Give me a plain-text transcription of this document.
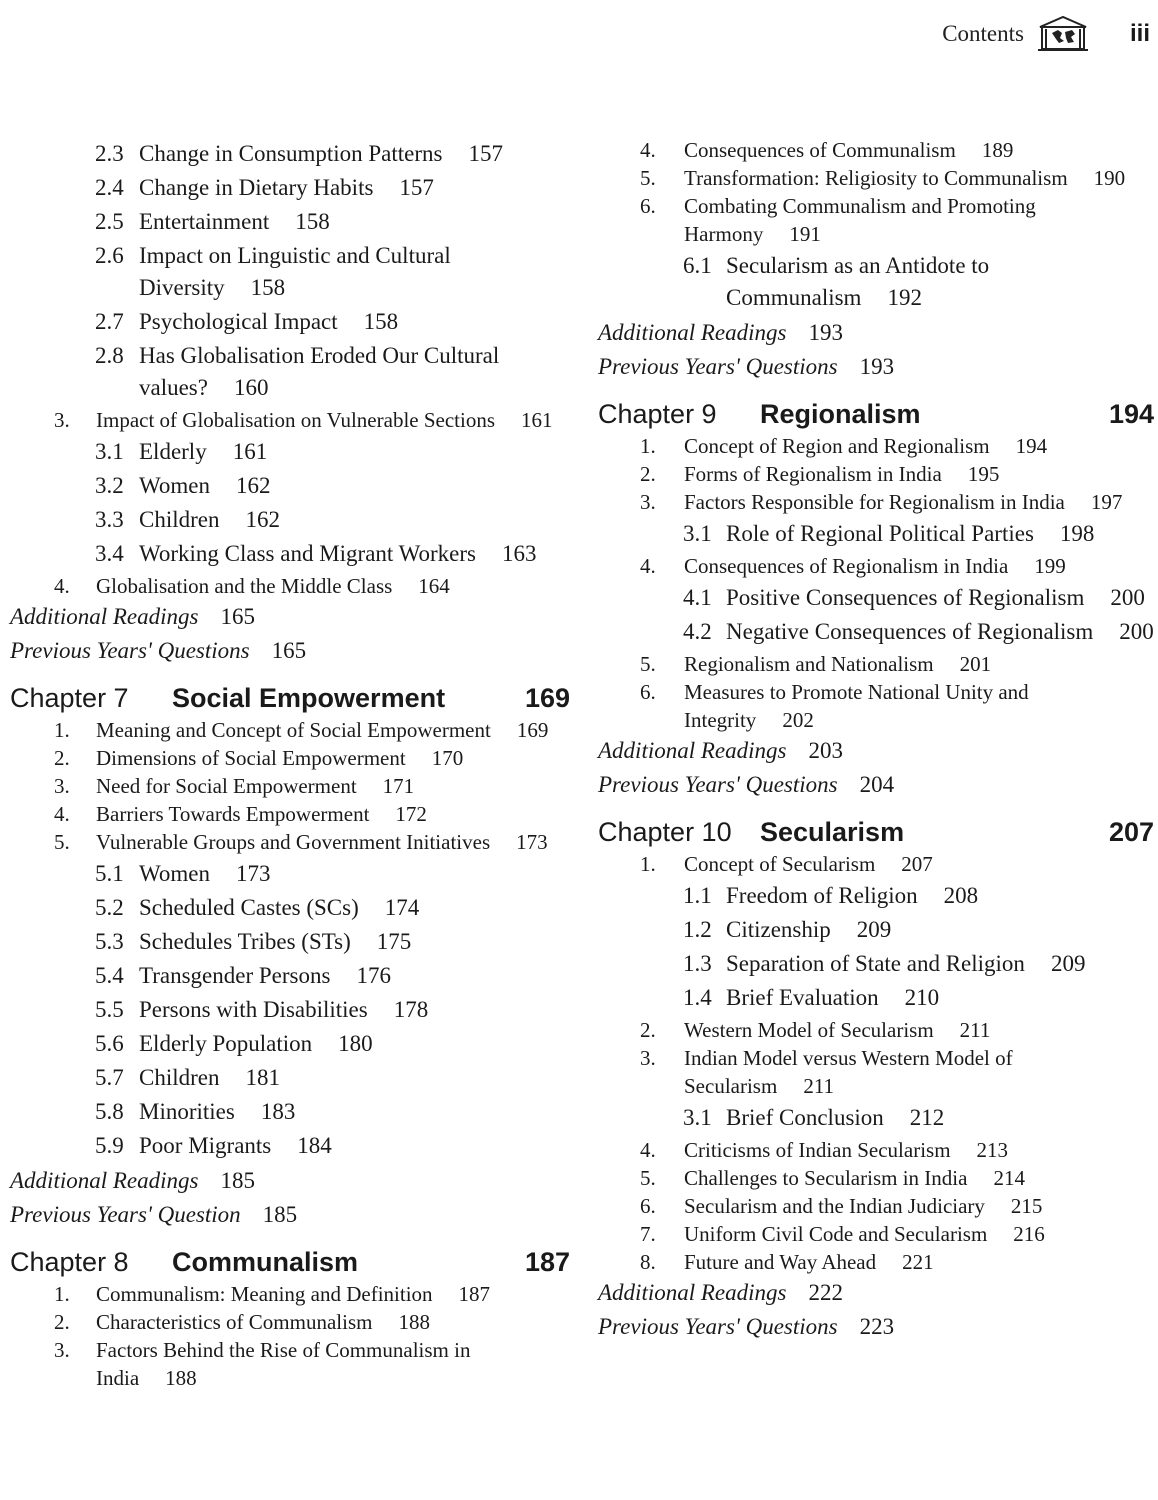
Contents	iii
2.3 Change in Consumption Patterns 157
2.4 Change in Dietary Habits 157
2.5 Entertainment 158
2.6 Impact on Linguistic and Cultural Diversity 158
2.7 Psychological Impact 158
2.8 Has Globalisation Eroded Our Cultural values? 160
3. Impact of Globalisation on Vulnerable Sections 161
3.1 Elderly 161
3.2 Women 162
3.3 Children 162
3.4 Working Class and Migrant Workers 163
4. Globalisation and the Middle Class 164
Additional Readings 165
Previous Years' Questions 165
Chapter 7	Social Empowerment	169
1. Meaning and Concept of Social Empowerment 169
2. Dimensions of Social Empowerment 170
3. Need for Social Empowerment 171
4. Barriers Towards Empowerment 172
5. Vulnerable Groups and Government Initiatives 173
5.1 Women 173
5.2 Scheduled Castes (SCs) 174
5.3 Schedules Tribes (STs) 175
5.4 Transgender Persons 176
5.5 Persons with Disabilities 178
5.6 Elderly Population 180
5.7 Children 181
5.8 Minorities 183
5.9 Poor Migrants 184
Additional Readings 185
Previous Years' Question 185
Chapter 8	Communalism	187
1. Communalism: Meaning and Definition 187
2. Characteristics of Communalism 188
3. Factors Behind the Rise of Communalism in India 188
4. Consequences of Communalism 189
5. Transformation: Religiosity to Communalism 190
6. Combating Communalism and Promoting Harmony 191
6.1 Secularism as an Antidote to Communalism 192
Additional Readings 193
Previous Years' Questions 193
Chapter 9	Regionalism	194
1. Concept of Region and Regionalism 194
2. Forms of Regionalism in India 195
3. Factors Responsible for Regionalism in India 197
3.1 Role of Regional Political Parties 198
4. Consequences of Regionalism in India 199
4.1 Positive Consequences of Regionalism 200
4.2 Negative Consequences of Regionalism 200
5. Regionalism and Nationalism 201
6. Measures to Promote National Unity and Integrity 202
Additional Readings 203
Previous Years' Questions 204
Chapter 10	Secularism	207
1. Concept of Secularism 207
1.1 Freedom of Religion 208
1.2 Citizenship 209
1.3 Separation of State and Religion 209
1.4 Brief Evaluation 210
2. Western Model of Secularism 211
3. Indian Model versus Western Model of Secularism 211
3.1 Brief Conclusion 212
4. Criticisms of Indian Secularism 213
5. Challenges to Secularism in India 214
6. Secularism and the Indian Judiciary 215
7. Uniform Civil Code and Secularism 216
8. Future and Way Ahead 221
Additional Readings 222
Previous Years' Questions 223
